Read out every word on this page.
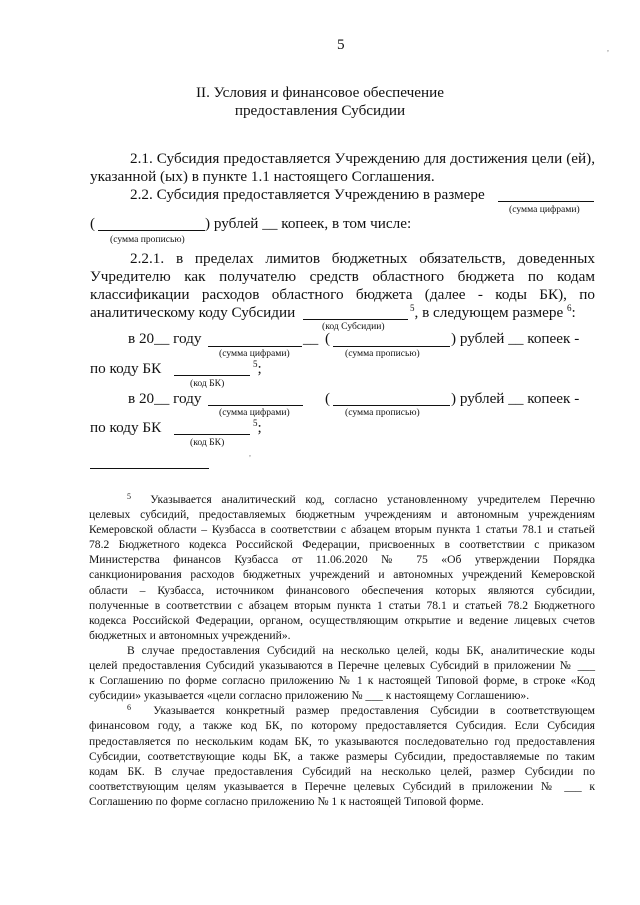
5	,
II. Условия и финансовое обеспечение
предоставления Субсидии
2.1. Субсидия предоставляется Учреждению для достижения цели (ей),
указанной (ых) в пункте 1.1 настоящего Соглашения.
2.2. Субсидия предоставляется Учреждению в размере
(сумма цифрами)
(	) рублей __ копеек, в том числе:
(сумма прописью)
2.2.1. в пределах лимитов бюджетных обязательств, доведенных
Учредителю как получателю средств областного бюджета по кодам
классификации расходов областного бюджета (далее - коды БК), по
аналитическому коду Субсидии	$^5$, в следующем размере $^6$:
(код Субсидии)
в 20__ году	__ (	) рублей __ копеек -
(сумма цифрами)	(сумма прописью)
по коду БК	$^5$;
(код БК)
в 20__ году	(	) рублей __ копеек -
(сумма цифрами)	(сумма прописью)
по коду БК	$^5$;
(код БК)
,
$^5$ Указывается аналитический код, согласно установленному учредителем Перечню
целевых субсидий, предоставляемых бюджетным учреждениям и автономным учреждениям
Кемеровской области – Кузбасса в соответствии с абзацем вторым пункта 1 статьи 78.1 и статьей
78.2 Бюджетного кодекса Российской Федерации, присвоенных в соответствии с приказом
Министерства финансов Кузбасса от 11.06.2020 № 75 «Об утверждении Порядка
санкционирования расходов бюджетных учреждений и автономных учреждений Кемеровской
области – Кузбасса, источником финансового обеспечения которых являются субсидии,
полученные в соответствии с абзацем вторым пункта 1 статьи 78.1 и статьей 78.2 Бюджетного
кодекса Российской Федерации, органом, осуществляющим открытие и ведение лицевых счетов
бюджетных и автономных учреждений».
В случае предоставления Субсидий на несколько целей, коды БК, аналитические коды
целей предоставления Субсидий указываются в Перечне целевых Субсидий в приложении № ___
к Соглашению по форме согласно приложению № 1 к настоящей Типовой форме, в строке «Код
субсидии» указывается «цели согласно приложению № ___ к настоящему Соглашению».
$^6$ Указывается конкретный размер предоставления Субсидии в соответствующем
финансовом году, а также код БК, по которому предоставляется Субсидия. Если Субсидия
предоставляется по нескольким кодам БК, то указываются последовательно год предоставления
Субсидии, соответствующие коды БК, а также размеры Субсидии, предоставляемые по таким
кодам БК. В случае предоставления Субсидий на несколько целей, размер Субсидии по
соответствующим целям указывается в Перечне целевых Субсидий в приложении № ___ к
Соглашению по форме согласно приложению № 1 к настоящей Типовой форме.
